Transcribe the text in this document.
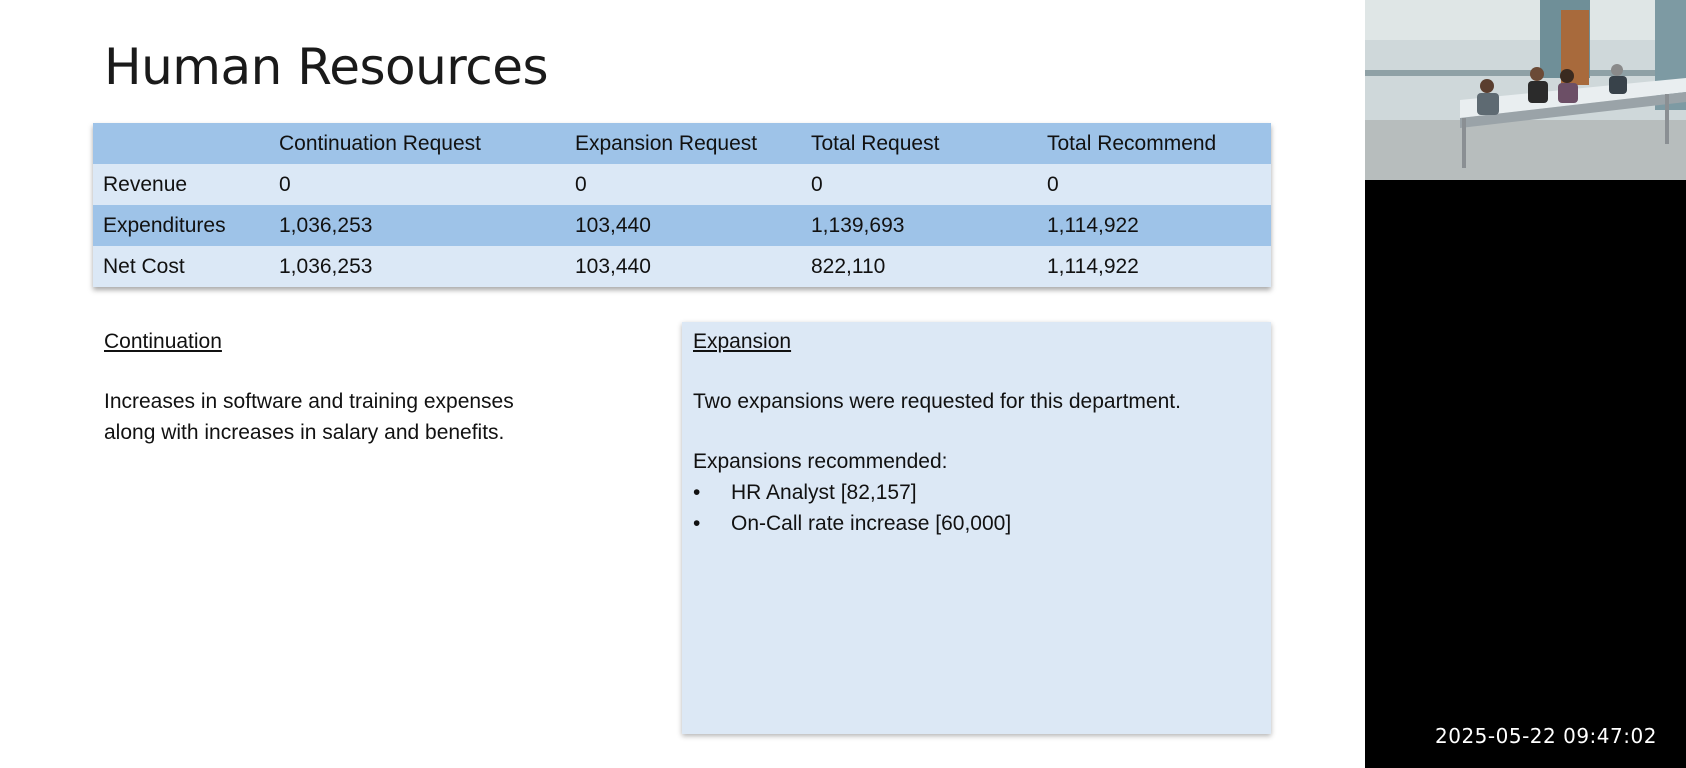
Human Resources
	Continuation Request	Expansion Request	Total Request	Total Recommend
Revenue	0	0	0	0
Expenditures	1,036,253	103,440	1,139,693	1,114,922
Net Cost	1,036,253	103,440	822,110	1,114,922
Continuation
Increases in software and training expenses
along with increases in salary and benefits.
Expansion
Two expansions were requested for this department.
Expansions recommended:
• HR Analyst [82,157]
• On-Call rate increase [60,000]
2025-05-22 09:47:02
